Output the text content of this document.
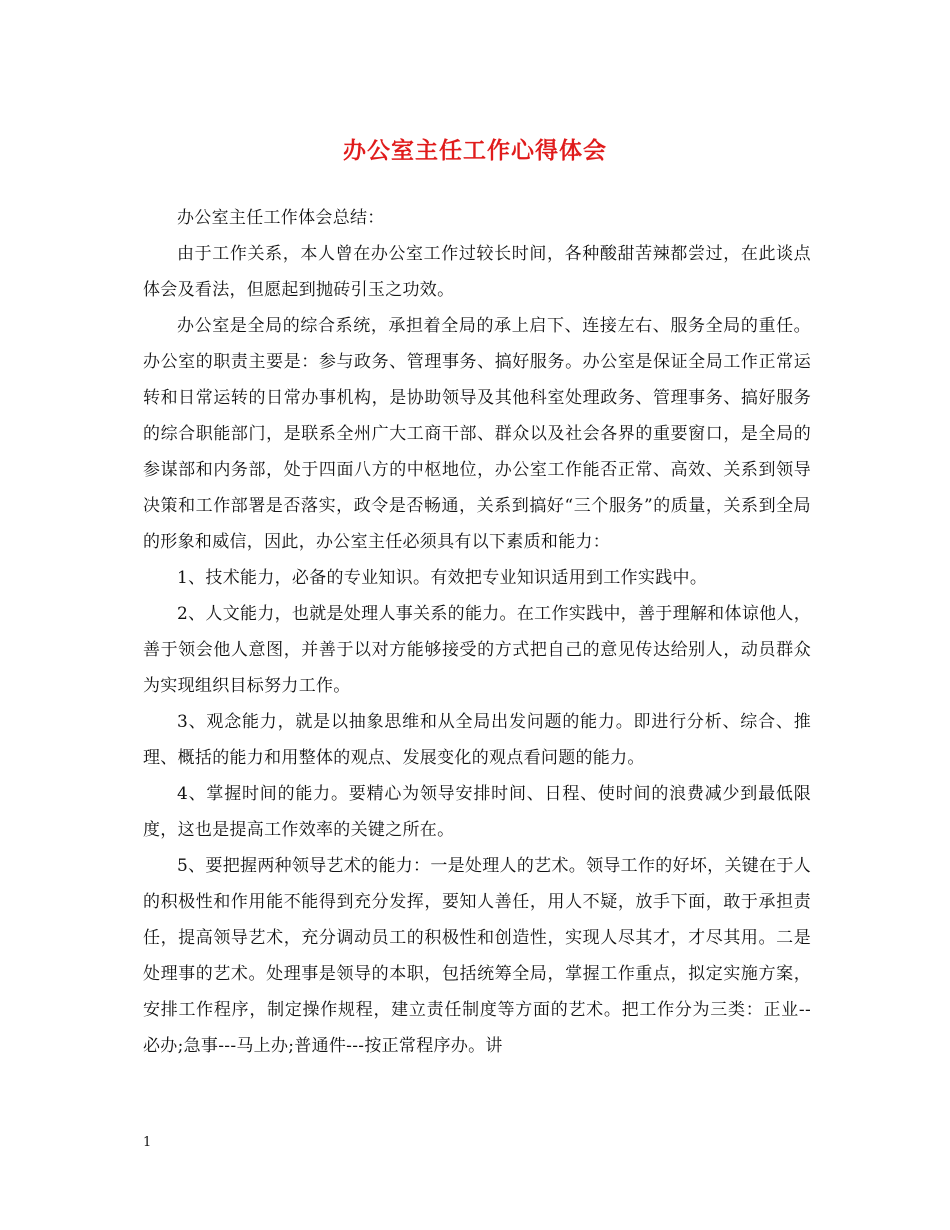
办公室主任工作心得体会

办公室主任工作体会总结：

由于工作关系，本人曾在办公室工作过较长时间，各种酸甜苦辣都尝过，在此谈点体会及看法，但愿起到抛砖引玉之功效。

办公室是全局的综合系统，承担着全局的承上启下、连接左右、服务全局的重任。办公室的职责主要是：参与政务、管理事务、搞好服务。办公室是保证全局工作正常运转和日常运转的日常办事机构，是协助领导及其他科室处理政务、管理事务、搞好服务的综合职能部门，是联系全州广大工商干部、群众以及社会各界的重要窗口，是全局的参谋部和内务部，处于四面八方的中枢地位，办公室工作能否正常、高效、关系到领导决策和工作部署是否落实，政令是否畅通，关系到搞好“三个服务”的质量，关系到全局的形象和威信，因此，办公室主任必须具有以下素质和能力：

1、技术能力，必备的专业知识。有效把专业知识适用到工作实践中。

2、人文能力，也就是处理人事关系的能力。在工作实践中，善于理解和体谅他人，善于领会他人意图，并善于以对方能够接受的方式把自己的意见传达给别人，动员群众为实现组织目标努力工作。

3、观念能力，就是以抽象思维和从全局出发问题的能力。即进行分析、综合、推理、概括的能力和用整体的观点、发展变化的观点看问题的能力。

4、掌握时间的能力。要精心为领导安排时间、日程、使时间的浪费减少到最低限度，这也是提高工作效率的关键之所在。

5、要把握两种领导艺术的能力：一是处理人的艺术。领导工作的好坏，关键在于人的积极性和作用能不能得到充分发挥，要知人善任，用人不疑，放手下面，敢于承担责任，提高领导艺术，充分调动员工的积极性和创造性，实现人尽其才，才尽其用。二是处理事的艺术。处理事是领导的本职，包括统筹全局，掌握工作重点，拟定实施方案，安排工作程序，制定操作规程，建立责任制度等方面的艺术。把工作分为三类：正业--必办;急事---马上办;普通件---按正常程序办。讲

1
